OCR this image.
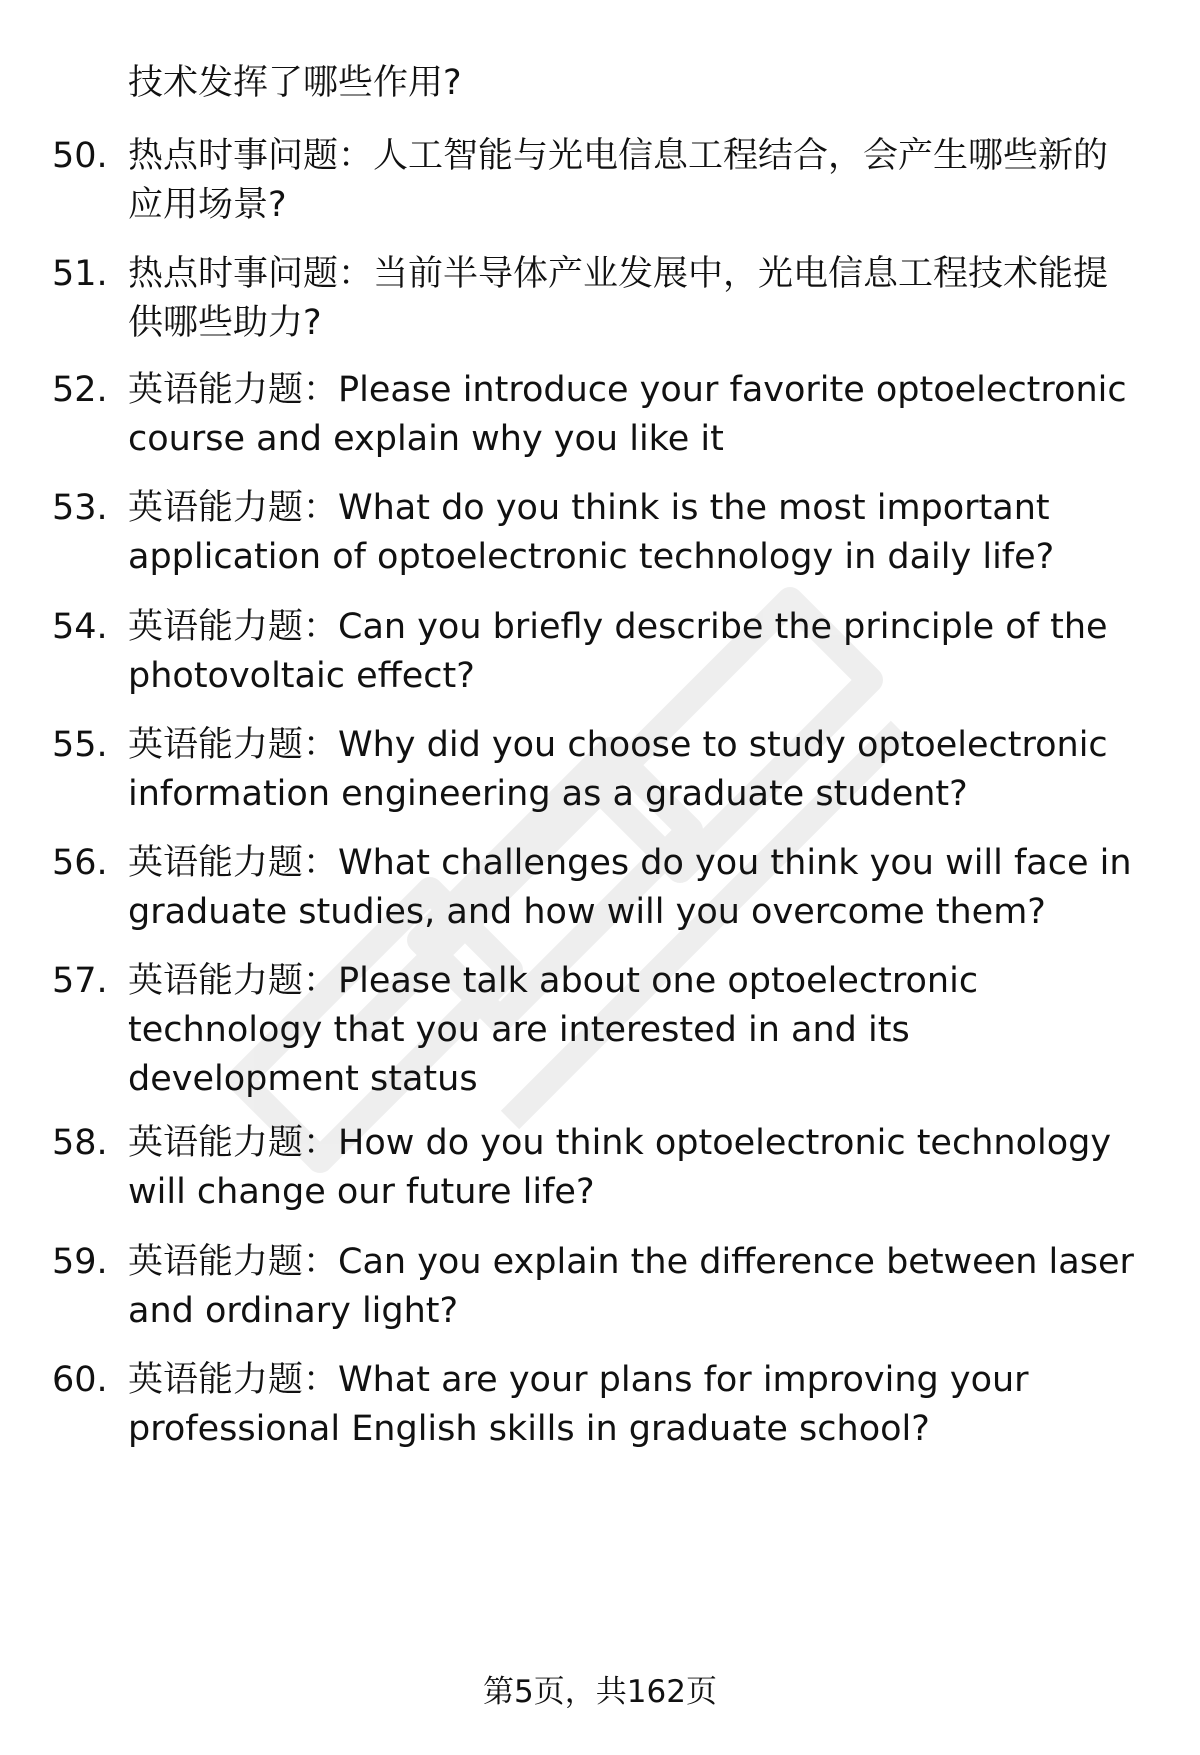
技术发挥了哪些作用?

50. 热点时事问题：人工智能与光电信息工程结合，会产生哪些新的应用场景?
51. 热点时事问题：当前半导体产业发展中，光电信息工程技术能提供哪些助力?
52. 英语能力题：Please introduce your favorite optoelectronic course and explain why you like it
53. 英语能力题：What do you think is the most important application of optoelectronic technology in daily life?
54. 英语能力题：Can you briefly describe the principle of the photovoltaic effect?
55. 英语能力题：Why did you choose to study optoelectronic information engineering as a graduate student?
56. 英语能力题：What challenges do you think you will face in graduate studies, and how will you overcome them?
57. 英语能力题：Please talk about one optoelectronic technology that you are interested in and its development status
58. 英语能力题：How do you think optoelectronic technology will change our future life?
59. 英语能力题：Can you explain the difference between laser and ordinary light?
60. 英语能力题：What are your plans for improving your professional English skills in graduate school?
第5页，共162页
